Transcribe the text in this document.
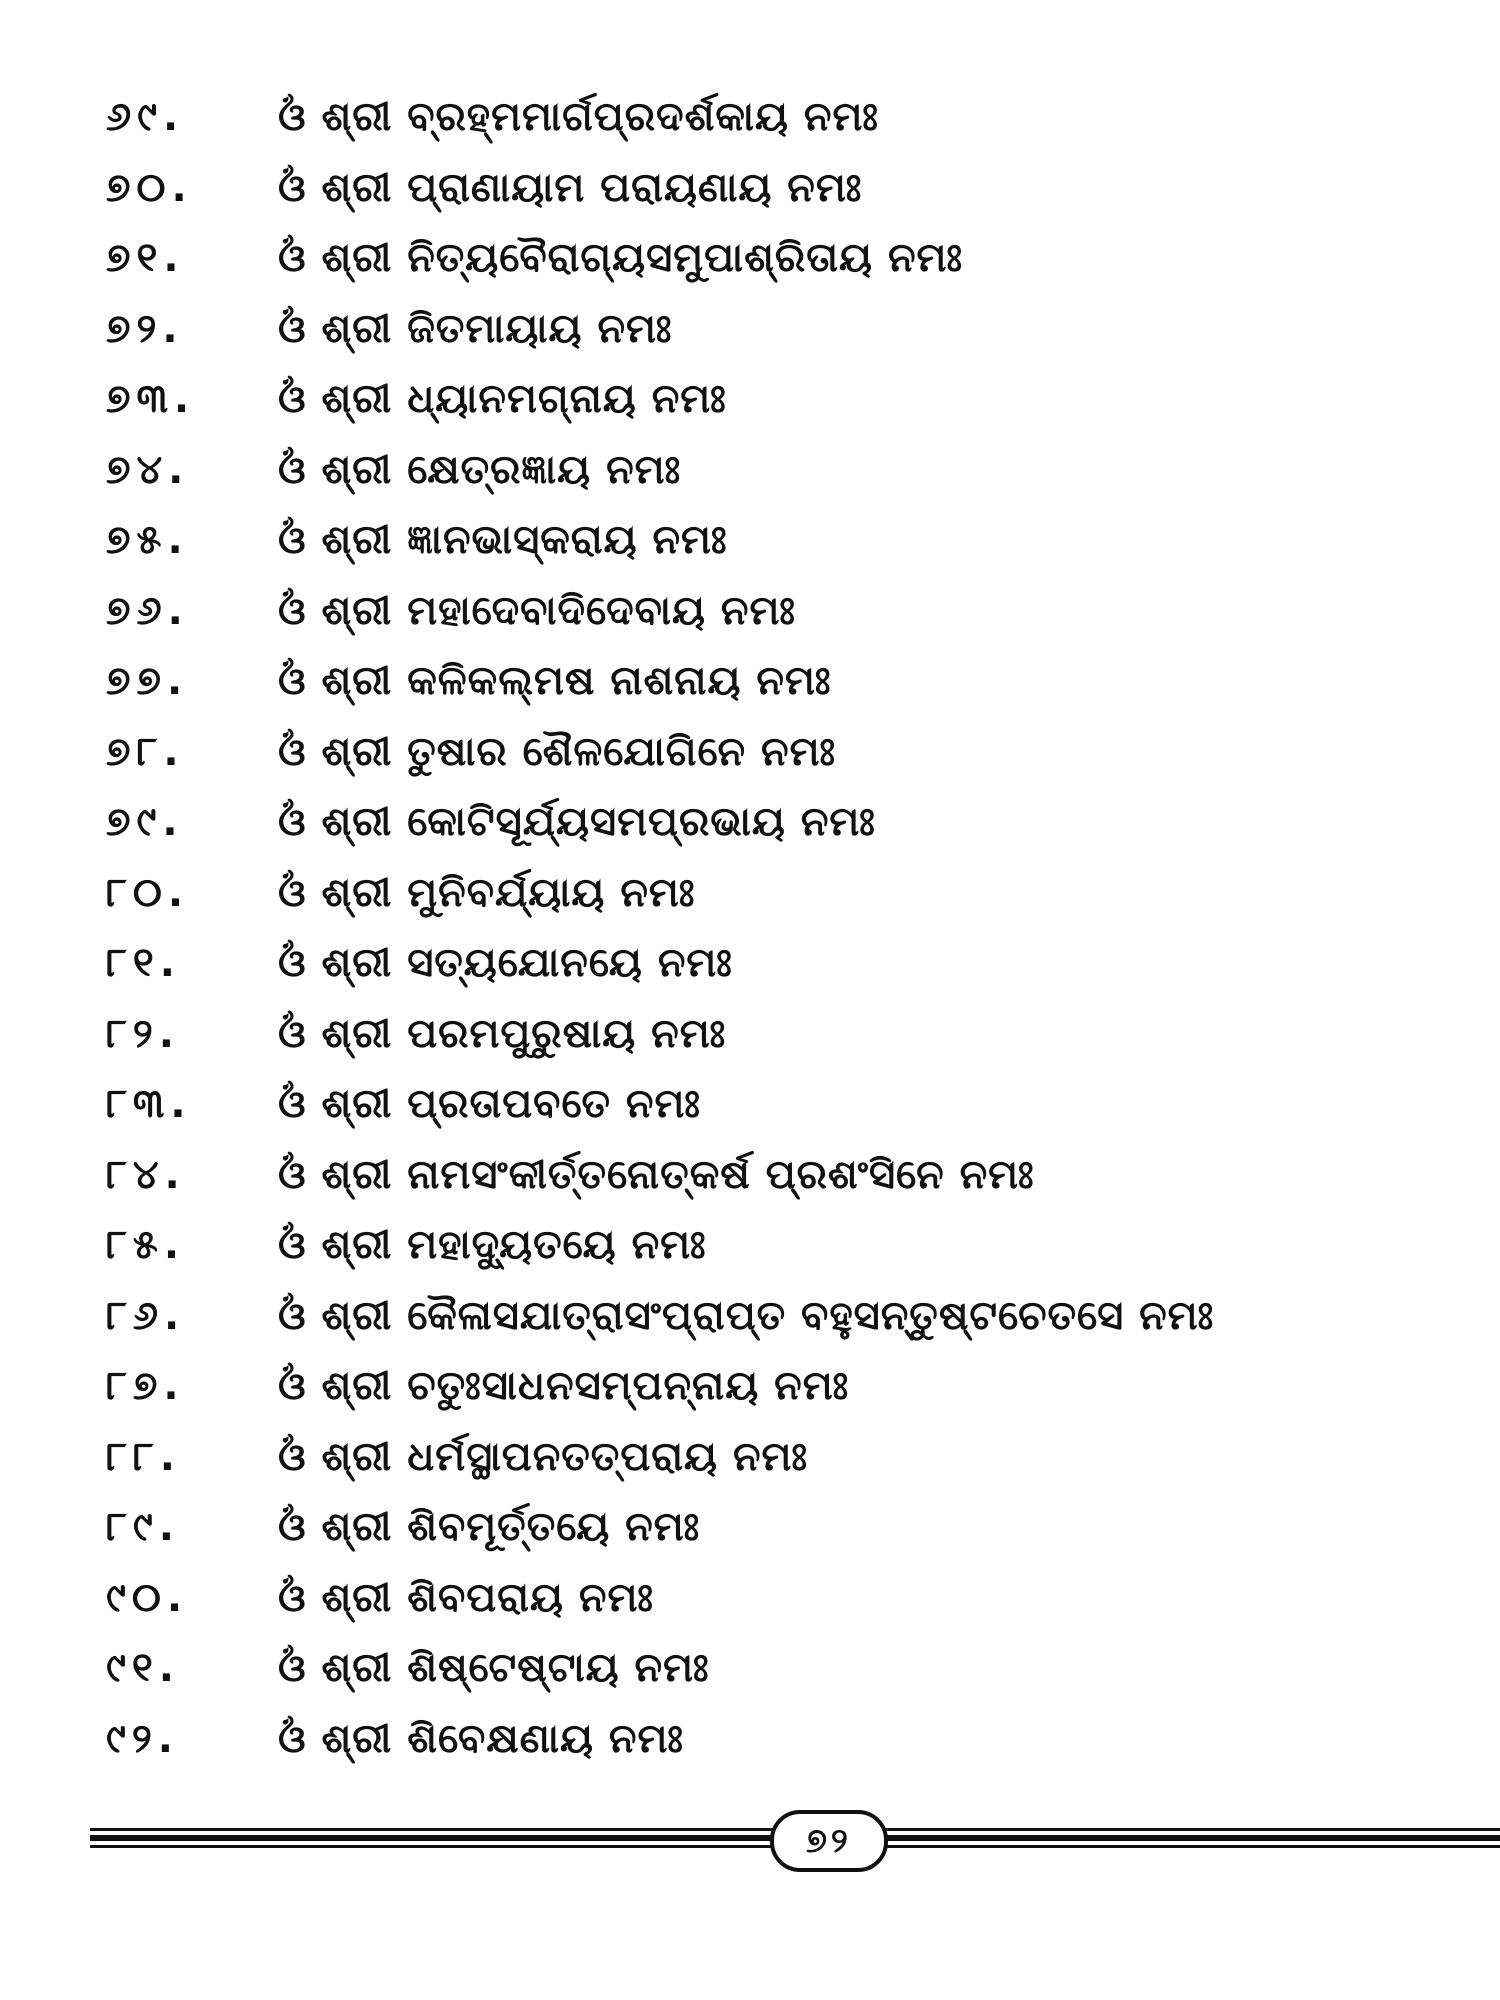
୬୯.	ଓଁ ଶ୍ରୀ ବ୍ରହ୍ମମାର୍ଗପ୍ରଦର୍ଶକାୟ ନମଃ
୭୦.	ଓଁ ଶ୍ରୀ ପ୍ରାଣାୟାମ ପରାୟଣାୟ ନମଃ
୭୧.	ଓଁ ଶ୍ରୀ ନିତ୍ୟବୈରାଗ୍ୟସମୁପାଶ୍ରିତାୟ ନମଃ
୭୨.	ଓଁ ଶ୍ରୀ ଜିତମାୟାୟ ନମଃ
୭୩.	ଓଁ ଶ୍ରୀ ଧ୍ୟାନମଗ୍ନାୟ ନମଃ
୭୪.	ଓଁ ଶ୍ରୀ କ୍ଷେତ୍ରଜ୍ଞାୟ ନମଃ
୭୫.	ଓଁ ଶ୍ରୀ ଜ୍ଞାନଭାସ୍କରାୟ ନମଃ
୭୬.	ଓଁ ଶ୍ରୀ ମହାଦେବାଦିଦେବାୟ ନମଃ
୭୭.	ଓଁ ଶ୍ରୀ କଳିକଲ୍ମଷ ନାଶନାୟ ନମଃ
୭୮.	ଓଁ ଶ୍ରୀ ତୁଷାର ଶୈଳଯୋଗିନେ ନମଃ
୭୯.	ଓଁ ଶ୍ରୀ କୋଟିସୂର୍ଯ୍ୟସମପ୍ରଭାୟ ନମଃ
୮୦.	ଓଁ ଶ୍ରୀ ମୁନିବର୍ଯ୍ୟାୟ ନମଃ
୮୧.	ଓଁ ଶ୍ରୀ ସତ୍ୟଯୋନୟେ ନମଃ
୮୨.	ଓଁ ଶ୍ରୀ ପରମପୁରୁଷାୟ ନମଃ
୮୩.	ଓଁ ଶ୍ରୀ ପ୍ରତାପବତେ ନମଃ
୮୪.	ଓଁ ଶ୍ରୀ ନାମସଂକୀର୍ତ୍ତନୋତ୍କର୍ଷ ପ୍ରଶଂସିନେ ନମଃ
୮୫.	ଓଁ ଶ୍ରୀ ମହାଦ୍ୟୁତୟେ ନମଃ
୮୬.	ଓଁ ଶ୍ରୀ କୈଳାସଯାତ୍ରାସଂପ୍ରାପ୍ତ ବହୁସନ୍ତୁଷ୍ଟଚେତସେ ନମଃ
୮୭.	ଓଁ ଶ୍ରୀ ଚତୁଃସାଧନସମ୍ପନ୍ନାୟ ନମଃ
୮୮.	ଓଁ ଶ୍ରୀ ଧର୍ମସ୍ଥାପନତତ୍ପରାୟ ନମଃ
୮୯.	ଓଁ ଶ୍ରୀ ଶିବମୂର୍ତ୍ତୟେ ନମଃ
୯୦.	ଓଁ ଶ୍ରୀ ଶିବପରାୟ ନମଃ
୯୧.	ଓଁ ଶ୍ରୀ ଶିଷ୍ଟେଷ୍ଟାୟ ନମଃ
୯୨.	ଓଁ ଶ୍ରୀ ଶିବେକ୍ଷଣାୟ ନମଃ
୭୨
